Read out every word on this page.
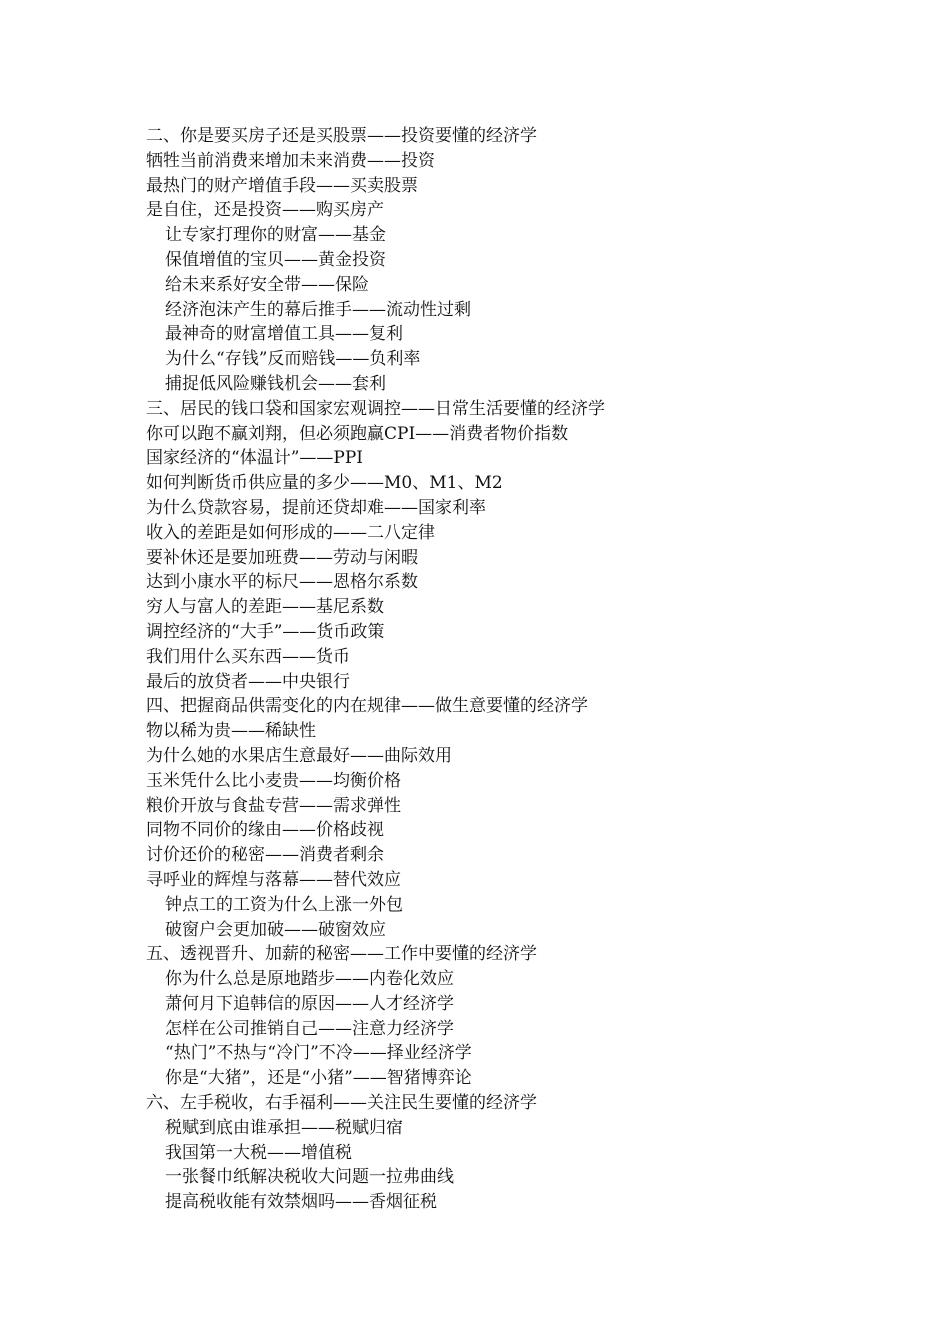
二、你是要买房子还是买股票——投资要懂的经济学
牺牲当前消费来增加未来消费——投资
最热门的财产增值手段——买卖股票
是自住，还是投资——购买房产
让专家打理你的财富——基金
保值增值的宝贝——黄金投资
给未来系好安全带——保险
经济泡沫产生的幕后推手——流动性过剩
最神奇的财富增值工具——复利
为什么“存钱”反而赔钱——负利率
捕捉低风险赚钱机会——套利
三、居民的钱口袋和国家宏观调控——日常生活要懂的经济学
你可以跑不赢刘翔，但必须跑赢CPI——消费者物价指数
国家经济的“体温计”——PPI
如何判断货币供应量的多少——M0、M1、M2
为什么贷款容易，提前还贷却难——国家利率
收入的差距是如何形成的——二八定律
要补休还是要加班费——劳动与闲暇
达到小康水平的标尺——恩格尔系数
穷人与富人的差距——基尼系数
调控经济的“大手”——货币政策
我们用什么买东西——货币
最后的放贷者——中央银行
四、把握商品供需变化的内在规律——做生意要懂的经济学
物以稀为贵——稀缺性
为什么她的水果店生意最好——曲际效用
玉米凭什么比小麦贵——均衡价格
粮价开放与食盐专营——需求弹性
同物不同价的缘由——价格歧视
讨价还价的秘密——消费者剩余
寻呼业的辉煌与落幕——替代效应
钟点工的工资为什么上涨一外包
破窗户会更加破——破窗效应
五、透视晋升、加薪的秘密——工作中要懂的经济学
你为什么总是原地踏步——内卷化效应
萧何月下追韩信的原因——人才经济学
怎样在公司推销自己——注意力经济学
“热门”不热与“冷门”不冷——择业经济学
你是“大猪”，还是“小猪”——智猪博弈论
六、左手税收，右手福利——关注民生要懂的经济学
税赋到底由谁承担——税赋归宿
我国第一大税——增值税
一张餐巾纸解决税收大问题一拉弗曲线
提高税收能有效禁烟吗——香烟征税
